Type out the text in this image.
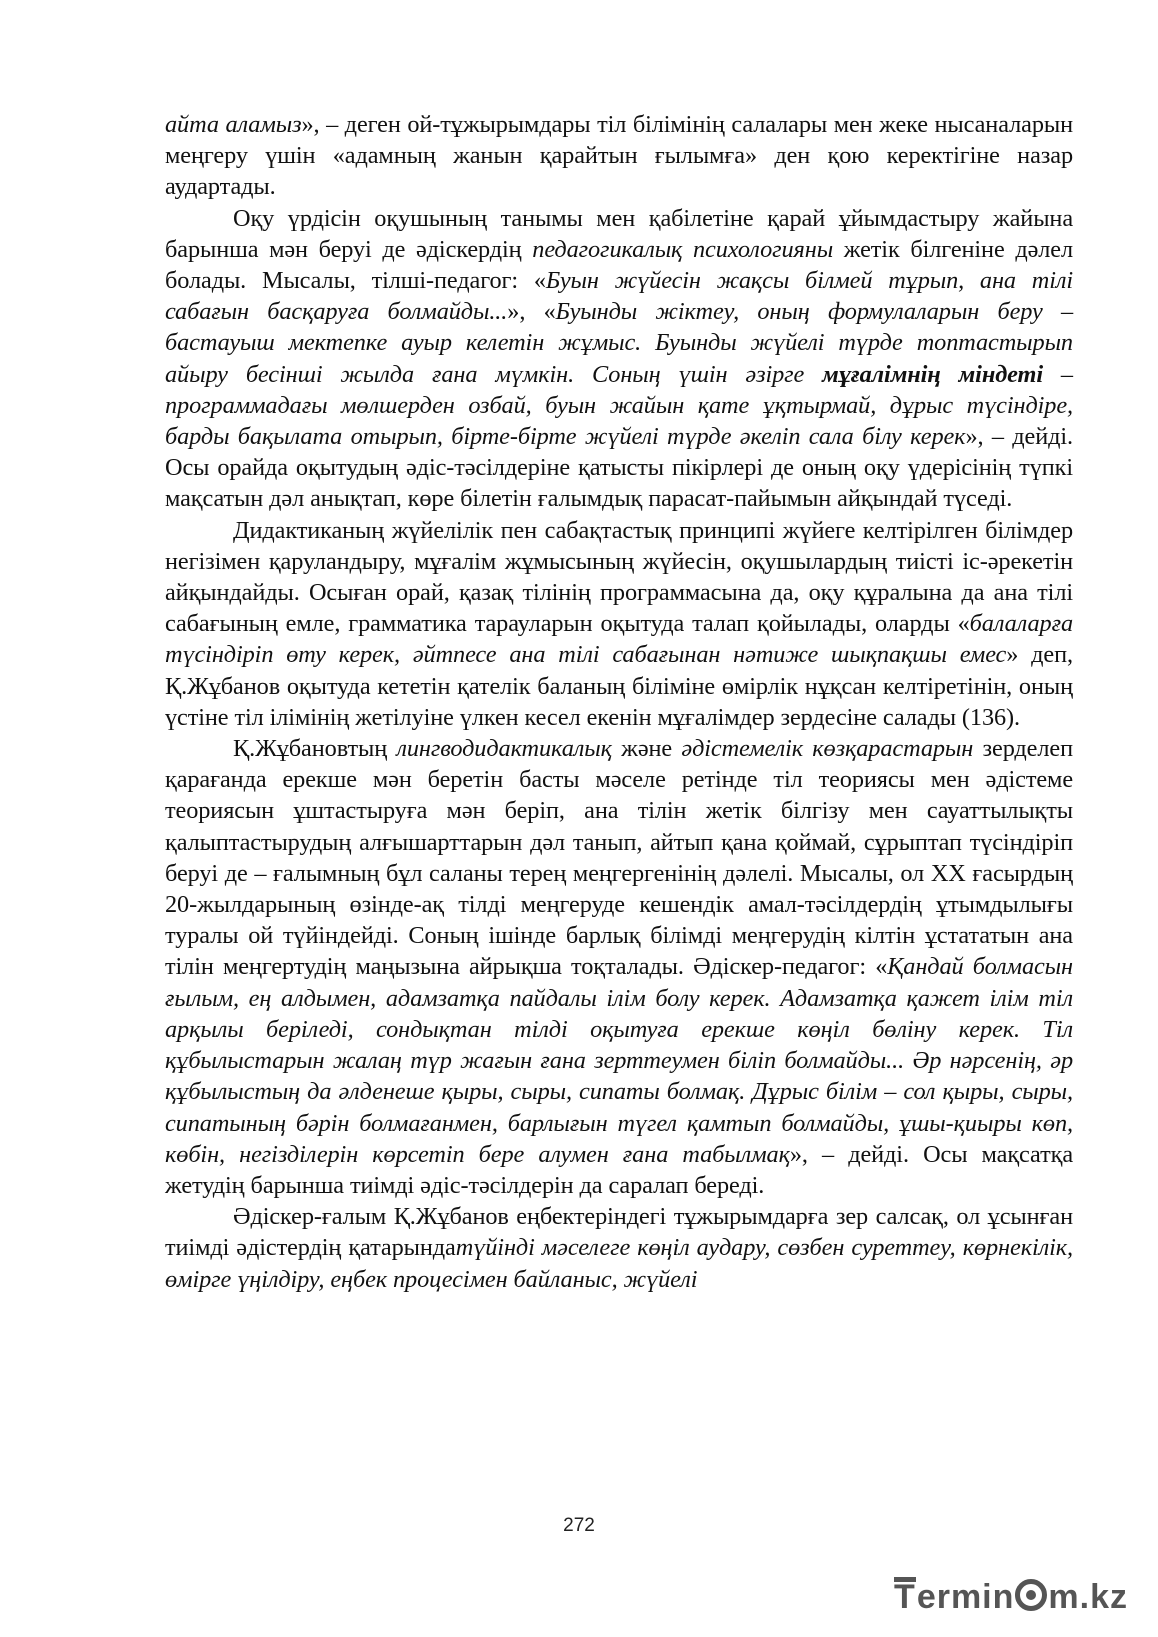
айта аламыз», – деген ой-тұжырымдары тіл білімінің салалары мен жеке нысаналарын меңгеру үшін «адамның жанын қарайтын ғылымға» ден қою керектігіне назар аудартады.

Оқу үрдісін оқушының танымы мен қабілетіне қарай ұйымдастыру жайына барынша мән беруі де әдіскердің педагогикалық психологияны жетік білгеніне дәлел болады. Мысалы, тілші-педагог: «Буын жүйесін жақсы білмей тұрып, ана тілі сабағын басқаруға болмайды...», «Буынды жіктеу, оның формулаларын беру – бастауыш мектепке ауыр келетін жұмыс. Буынды жүйелі түрде топтастырып айыру бесінші жылда ғана мүмкін. Соның үшін әзірге мұғалімнің міндеті – программадағы мөлшерден озбай, буын жайын қате ұқтырмай, дұрыс түсіндіре, барды бақылата отырып, бірте-бірте жүйелі түрде әкеліп сала білу керек», – дейді. Осы орайда оқытудың әдіс-тәсілдеріне қатысты пікірлері де оның оқу үдерісінің түпкі мақсатын дәл анықтап, көре білетін ғалымдық парасат-пайымын айқындай түседі.

Дидактиканың жүйелілік пен сабақтастық принципі жүйеге келтірілген білімдер негізімен қаруландыру, мұғалім жұмысының жүйесін, оқушылардың тиісті іс-әрекетін айқындайды. Осыған орай, қазақ тілінің программасына да, оқу құралына да ана тілі сабағының емле, грамматика тарауларын оқытуда талап қойылады, оларды «балаларға түсіндіріп өту керек, әйтпесе ана тілі сабағынан нәтиже шықпақшы емес» деп, Қ.Жұбанов оқытуда кететін қателік баланың біліміне өмірлік нұқсан келтіретінін, оның үстіне тіл ілімінің жетілуіне үлкен кесел екенін мұғалімдер зердесіне салады (136).

Қ.Жұбановтың лингводидактикалық және әдістемелік көзқарастарын зерделеп қарағанда ерекше мән беретін басты мәселе ретінде тіл теориясы мен әдістеме теориясын ұштастыруға мән беріп, ана тілін жетік білгізу мен сауаттылықты қалыптастырудың алғышарттарын дәл танып, айтып қана қоймай, сұрыптап түсіндіріп беруі де – ғалымның бұл саланы терең меңгергенінің дәлелі. Мысалы, ол ХХ ғасырдың 20-жылдарының өзінде-ақ тілді меңгеруде кешендік амал-тәсілдердің ұтымдылығы туралы ой түйіндейді. Соның ішінде барлық білімді меңгерудің кілтін ұстататын ана тілін меңгертудің маңызына айрықша тоқталады. Әдіскер-педагог: «Қандай болмасын ғылым, ең алдымен, адамзатқа пайдалы ілім болу керек. Адамзатқа қажет ілім тіл арқылы беріледі, сондықтан тілді оқытуға ерекше көңіл бөліну керек. Тіл құбылыстарын жалаң түр жағын ғана зерттеумен біліп болмайды... Әр нәрсенің, әр құбылыстың да әлденеше қыры, сыры, сипаты болмақ. Дұрыс білім – сол қыры, сыры, сипатының бәрін болмағанмен, барлығын түгел қамтып болмайды, ұшы-қиыры көп, көбін, негізділерін көрсетіп бере алумен ғана табылмақ», – дейді. Осы мақсатқа жетудің барынша тиімді әдіс-тәсілдерін да саралап береді.

Әдіскер-ғалым Қ.Жұбанов еңбектеріндегі тұжырымдарға зер салсақ, ол ұсынған тиімді әдістердің қатарындатүйінді мәселеге көңіл аудару, сөзбен суреттеу, көрнекілік, өмірге үңілдіру, еңбек процесімен байланыс, жүйелі

272
Termin m.kz
